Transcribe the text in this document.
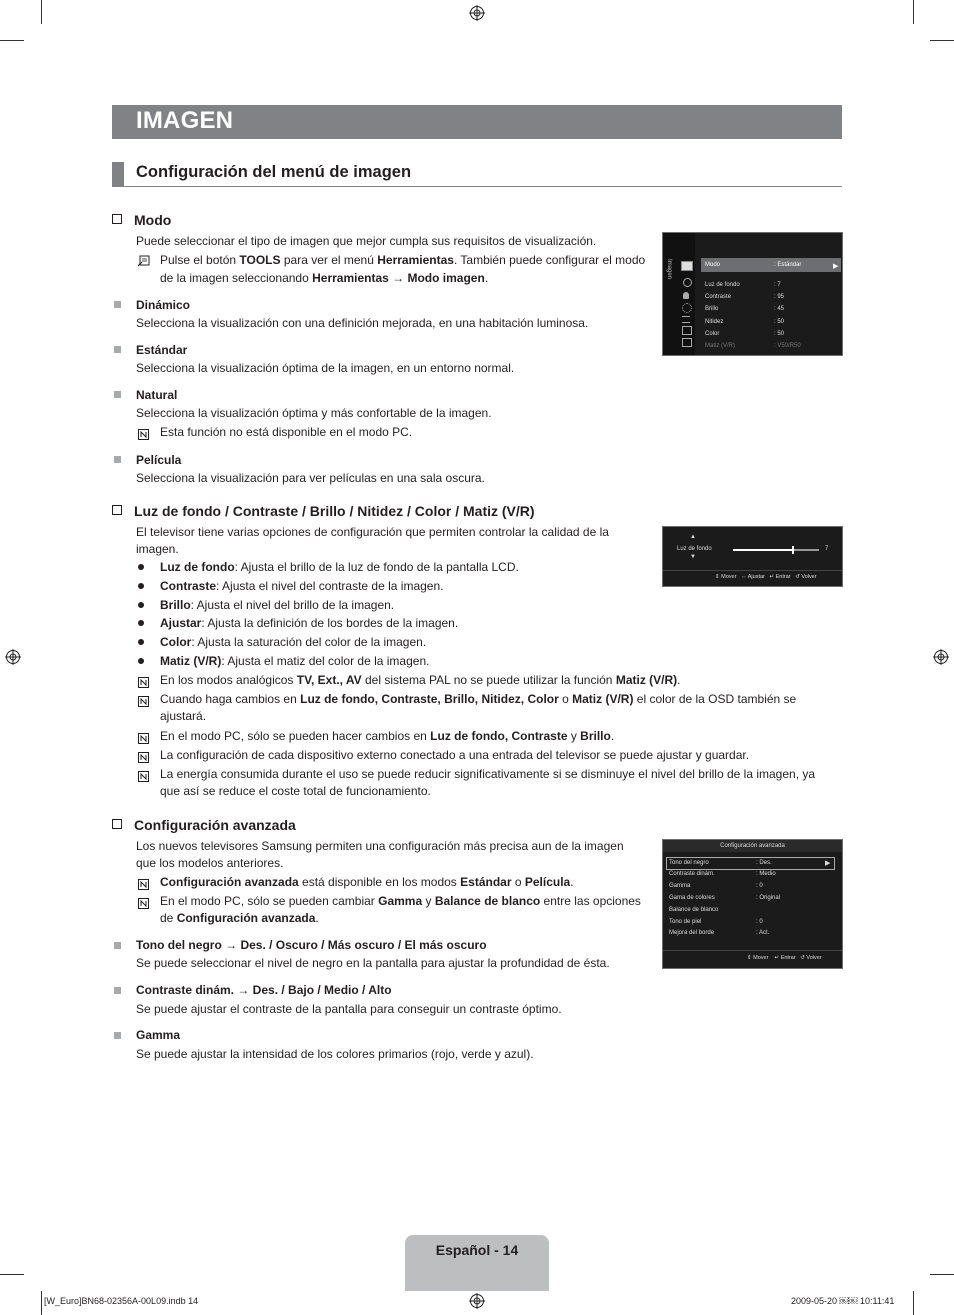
IMAGEN
Configuración del menú de imagen
Modo
Puede seleccionar el tipo de imagen que mejor cumpla sus requisitos de visualización.
Pulse el botón TOOLS para ver el menú Herramientas. También puede configurar el modo
de la imagen seleccionando Herramientas → Modo imagen.
Dinámico
Selecciona la visualización con una definición mejorada, en una habitación luminosa.
Estándar
Selecciona la visualización óptima de la imagen, en un entorno normal.
Natural
Selecciona la visualización óptima y más confortable de la imagen.
Esta función no está disponible en el modo PC.
Película
Selecciona la visualización para ver películas en una sala oscura.
Imagen	Modo	: Estándar	▶
Luz de fondo	: 7
Contraste	: 95
Brillo	: 45
Nitidez	: 50
Color	: 50
Matiz (V/R)	: V50/R50
Luz de fondo / Contraste / Brillo / Nitidez / Color / Matiz (V/R)
El televisor tiene varias opciones de configuración que permiten controlar la calidad de la
imagen.
Luz de fondo: Ajusta el brillo de la luz de fondo de la pantalla LCD.
Contraste: Ajusta el nivel del contraste de la imagen.
Brillo: Ajusta el nivel del brillo de la imagen.
Ajustar: Ajusta la definición de los bordes de la imagen.
Color: Ajusta la saturación del color de la imagen.
Matiz (V/R): Ajusta el matiz del color de la imagen.
En los modos analógicos TV, Ext., AV del sistema PAL no se puede utilizar la función Matiz (V/R).
Cuando haga cambios en Luz de fondo, Contraste, Brillo, Nitidez, Color o Matiz (V/R) el color de la OSD también se
ajustará.
En el modo PC, sólo se pueden hacer cambios en Luz de fondo, Contraste y Brillo.
La configuración de cada dispositivo externo conectado a una entrada del televisor se puede ajustar y guardar.
La energía consumida durante el uso se puede reducir significativamente si se disminuye el nivel del brillo de la imagen, ya
que así se reduce el coste total de funcionamiento.
▲
Luz de fondo
▼
7
⇕ Mover ⇔ Ajustar ↵ Entrar ↺ Volver
Configuración avanzada
Los nuevos televisores Samsung permiten una configuración más precisa aun de la imagen
que los modelos anteriores.
Configuración avanzada está disponible en los modos Estándar o Película.
En el modo PC, sólo se pueden cambiar Gamma y Balance de blanco entre las opciones
de Configuración avanzada.
Tono del negro → Des. / Oscuro / Más oscuro / El más oscuro
Se puede seleccionar el nivel de negro en la pantalla para ajustar la profundidad de ésta.
Contraste dinám. → Des. / Bajo / Medio / Alto
Se puede ajustar el contraste de la pantalla para conseguir un contraste óptimo.
Gamma
Se puede ajustar la intensidad de los colores primarios (rojo, verde y azul).
Configuración avanzada
Tono del negro	: Des.	▶
Contraste dinám.	: Medio
Gamma	: 0
Gama de colores	: Original
Balance de blanco
Tono de piel	: 0
Mejora del borde	: Act.
⇕ Mover ↵ Entrar ↺ Volver
Español - 14
[W_Euro]BN68-02356A-00L09.indb 14	2009-05-20 ￼￼ 10:11:41
